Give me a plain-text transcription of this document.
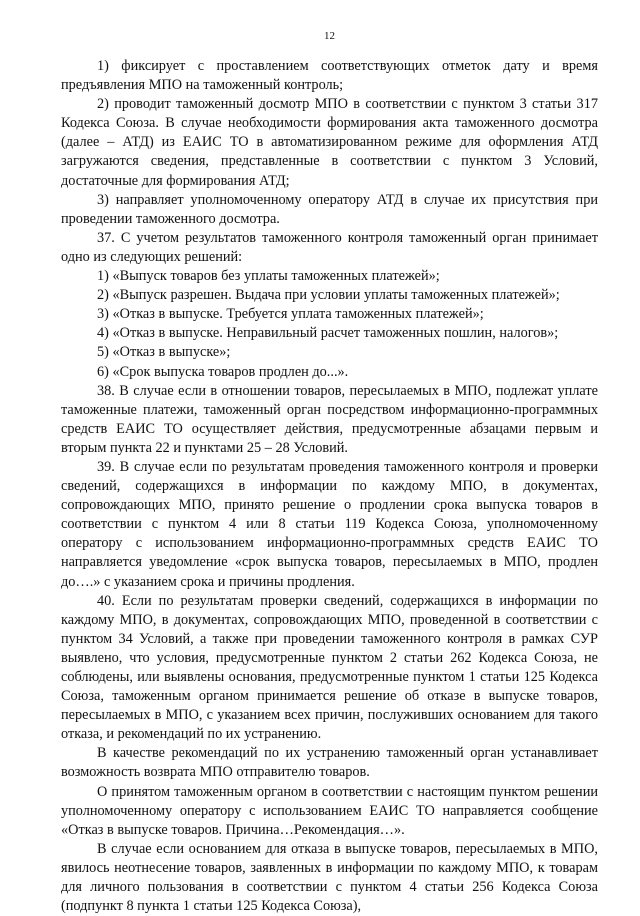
12

1) фиксирует с проставлением соответствующих отметок дату и время предъявления МПО на таможенный контроль;

2) проводит таможенный досмотр МПО в соответствии с пунктом 3 статьи 317 Кодекса Союза. В случае необходимости формирования акта таможенного досмотра (далее – АТД) из ЕАИС ТО в автоматизированном режиме для оформления АТД загружаются сведения, представленные в соответствии с пунктом 3 Условий, достаточные для формирования АТД;

3) направляет уполномоченному оператору АТД в случае их присутствия при проведении таможенного досмотра.

37. С учетом результатов таможенного контроля таможенный орган принимает одно из следующих решений:

1) «Выпуск товаров без уплаты таможенных платежей»;

2) «Выпуск разрешен. Выдача при условии уплаты таможенных платежей»;

3) «Отказ в выпуске. Требуется уплата таможенных платежей»;

4) «Отказ в выпуске. Неправильный расчет таможенных пошлин, налогов»;

5) «Отказ в выпуске»;

6) «Срок выпуска товаров продлен до...».

38. В случае если в отношении товаров, пересылаемых в МПО, подлежат уплате таможенные платежи, таможенный орган посредством информационно-программных средств ЕАИС ТО осуществляет действия, предусмотренные абзацами первым и вторым пункта 22 и пунктами 25 – 28 Условий.

39. В случае если по результатам проведения таможенного контроля и проверки сведений, содержащихся в информации по каждому МПО, в документах, сопровождающих МПО, принято решение о продлении срока выпуска товаров в соответствии с пунктом 4 или 8 статьи 119 Кодекса Союза, уполномоченному оператору с использованием информационно-программных средств ЕАИС ТО направляется уведомление «срок выпуска товаров, пересылаемых в МПО, продлен до….» с указанием срока и причины продления.

40. Если по результатам проверки сведений, содержащихся в информации по каждому МПО, в документах, сопровождающих МПО, проведенной в соответствии с пунктом 34 Условий, а также при проведении таможенного контроля в рамках СУР выявлено, что условия, предусмотренные пунктом 2 статьи 262 Кодекса Союза, не соблюдены, или выявлены основания, предусмотренные пунктом 1 статьи 125 Кодекса Союза, таможенным органом принимается решение об отказе в выпуске товаров, пересылаемых в МПО, с указанием всех причин, послуживших основанием для такого отказа, и рекомендаций по их устранению.

В качестве рекомендаций по их устранению таможенный орган устанавливает возможность возврата МПО отправителю товаров.

О принятом таможенным органом в соответствии с настоящим пунктом решении уполномоченному оператору с использованием ЕАИС ТО направляется сообщение «Отказ в выпуске товаров. Причина…Рекомендация…».

В случае если основанием для отказа в выпуске товаров, пересылаемых в МПО, явилось неотнесение товаров, заявленных в информации по каждому МПО, к товарам для личного пользования в соответствии с пунктом 4 статьи 256 Кодекса Союза (подпункт 8 пункта 1 статьи 125 Кодекса Союза),
